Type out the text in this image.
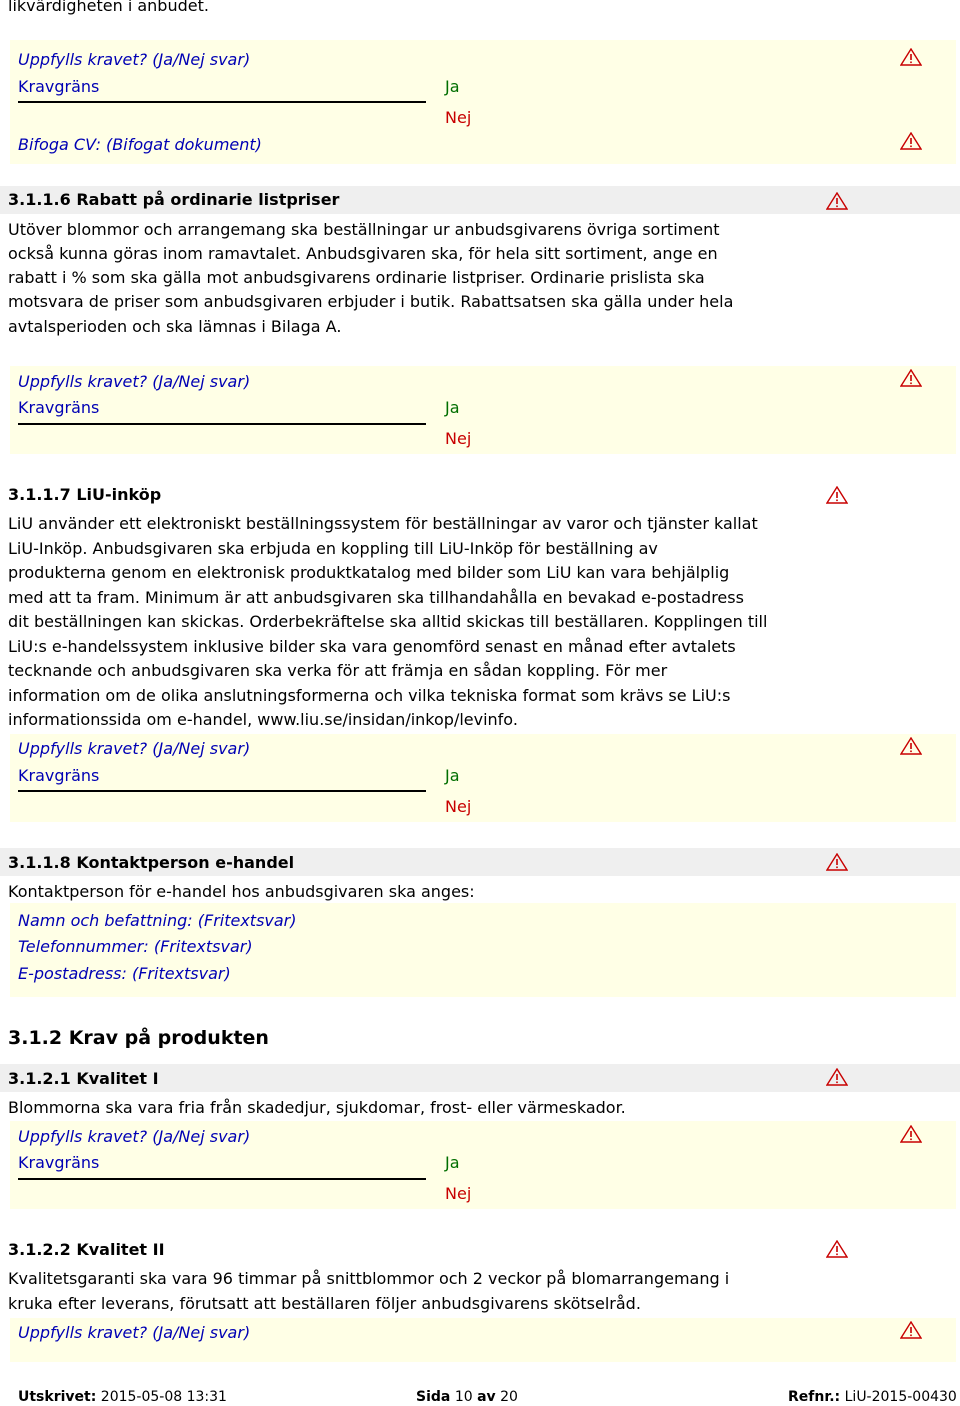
likvärdigheten i anbudet.
Uppfylls kravet? (Ja/Nej svar)
Kravgräns	Ja
Nej
Bifoga CV: (Bifogat dokument)
3.1.1.6 Rabatt på ordinarie listpriser
Utöver blommor och arrangemang ska beställningar ur anbudsgivarens övriga sortiment
också kunna göras inom ramavtalet. Anbudsgivaren ska, för hela sitt sortiment, ange en
rabatt i % som ska gälla mot anbudsgivarens ordinarie listpriser. Ordinarie prislista ska
motsvara de priser som anbudsgivaren erbjuder i butik. Rabattsatsen ska gälla under hela
avtalsperioden och ska lämnas i Bilaga A.
Uppfylls kravet? (Ja/Nej svar)
Kravgräns	Ja
Nej
3.1.1.7 LiU-inköp
LiU använder ett elektroniskt beställningssystem för beställningar av varor och tjänster kallat
LiU-Inköp. Anbudsgivaren ska erbjuda en koppling till LiU-Inköp för beställning av
produkterna genom en elektronisk produktkatalog med bilder som LiU kan vara behjälplig
med att ta fram. Minimum är att anbudsgivaren ska tillhandahålla en bevakad e-postadress
dit beställningen kan skickas. Orderbekräftelse ska alltid skickas till beställaren. Kopplingen till
LiU:s e-handelssystem inklusive bilder ska vara genomförd senast en månad efter avtalets
tecknande och anbudsgivaren ska verka för att främja en sådan koppling. För mer
information om de olika anslutningsformerna och vilka tekniska format som krävs se LiU:s
informationssida om e-handel, www.liu.se/insidan/inkop/levinfo.
Uppfylls kravet? (Ja/Nej svar)
Kravgräns	Ja
Nej
3.1.1.8 Kontaktperson e-handel
Kontaktperson för e-handel hos anbudsgivaren ska anges:
Namn och befattning: (Fritextsvar)
Telefonnummer: (Fritextsvar)
E-postadress: (Fritextsvar)
3.1.2 Krav på produkten
3.1.2.1 Kvalitet I
Blommorna ska vara fria från skadedjur, sjukdomar, frost- eller värmeskador.
Uppfylls kravet? (Ja/Nej svar)
Kravgräns	Ja
Nej
3.1.2.2 Kvalitet II
Kvalitetsgaranti ska vara 96 timmar på snittblommor och 2 veckor på blomarrangemang i
kruka efter leverans, förutsatt att beställaren följer anbudsgivarens skötselråd.
Uppfylls kravet? (Ja/Nej svar)
Utskrivet: 2015-05-08 13:31	Sida 10 av 20	Refnr.: LiU-2015-00430
